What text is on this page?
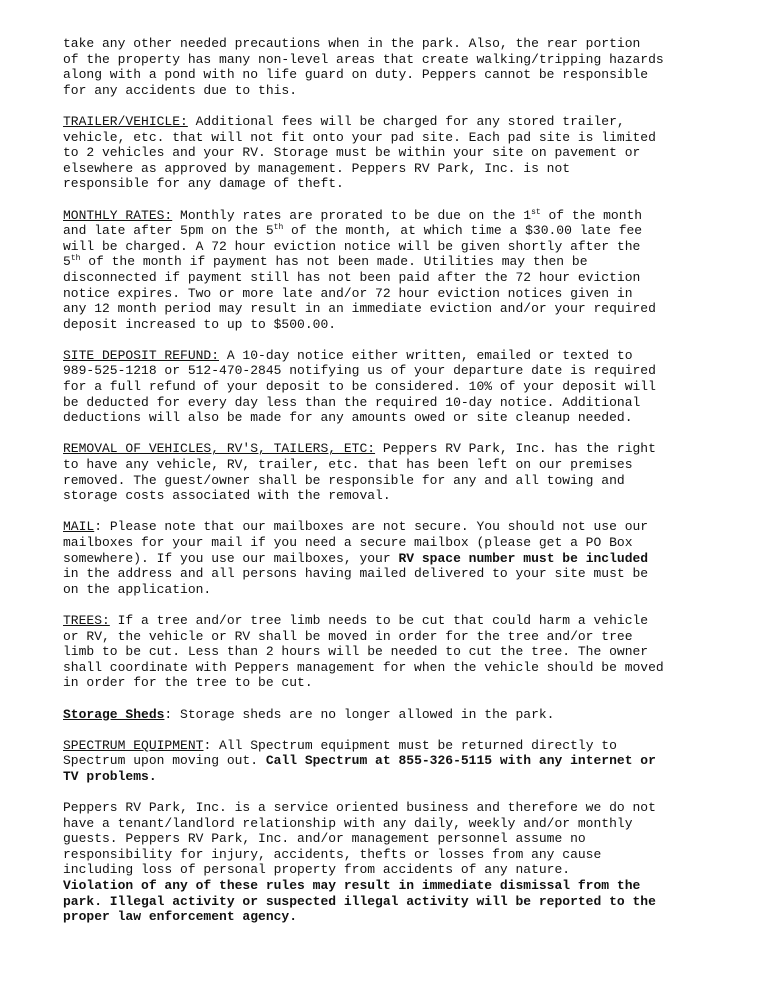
take any other needed precautions when in the park. Also, the rear portion
of the property has many non-level areas that create walking/tripping hazards
along with a pond with no life guard on duty. Peppers cannot be responsible
for any accidents due to this.

TRAILER/VEHICLE: Additional fees will be charged for any stored trailer,
vehicle, etc. that will not fit onto your pad site. Each pad site is limited
to 2 vehicles and your RV. Storage must be within your site on pavement or
elsewhere as approved by management. Peppers RV Park, Inc. is not
responsible for any damage of theft.

MONTHLY RATES: Monthly rates are prorated to be due on the 1st of the month
and late after 5pm on the 5th of the month, at which time a $30.00 late fee
will be charged. A 72 hour eviction notice will be given shortly after the
5th of the month if payment has not been made. Utilities may then be
disconnected if payment still has not been paid after the 72 hour eviction
notice expires. Two or more late and/or 72 hour eviction notices given in
any 12 month period may result in an immediate eviction and/or your required
deposit increased to up to $500.00.

SITE DEPOSIT REFUND: A 10-day notice either written, emailed or texted to
989-525-1218 or 512-470-2845 notifying us of your departure date is required
for a full refund of your deposit to be considered. 10% of your deposit will
be deducted for every day less than the required 10-day notice. Additional
deductions will also be made for any amounts owed or site cleanup needed.

REMOVAL OF VEHICLES, RV'S, TAILERS, ETC: Peppers RV Park, Inc. has the right
to have any vehicle, RV, trailer, etc. that has been left on our premises
removed. The guest/owner shall be responsible for any and all towing and
storage costs associated with the removal.

MAIL: Please note that our mailboxes are not secure. You should not use our
mailboxes for your mail if you need a secure mailbox (please get a PO Box
somewhere). If you use our mailboxes, your RV space number must be included
in the address and all persons having mailed delivered to your site must be
on the application.

TREES: If a tree and/or tree limb needs to be cut that could harm a vehicle
or RV, the vehicle or RV shall be moved in order for the tree and/or tree
limb to be cut. Less than 2 hours will be needed to cut the tree. The owner
shall coordinate with Peppers management for when the vehicle should be moved
in order for the tree to be cut.

Storage Sheds: Storage sheds are no longer allowed in the park.

SPECTRUM EQUIPMENT: All Spectrum equipment must be returned directly to
Spectrum upon moving out. Call Spectrum at 855-326-5115 with any internet or
TV problems.

Peppers RV Park, Inc. is a service oriented business and therefore we do not
have a tenant/landlord relationship with any daily, weekly and/or monthly
guests. Peppers RV Park, Inc. and/or management personnel assume no
responsibility for injury, accidents, thefts or losses from any cause
including loss of personal property from accidents of any nature.
Violation of any of these rules may result in immediate dismissal from the
park. Illegal activity or suspected illegal activity will be reported to the
proper law enforcement agency.
